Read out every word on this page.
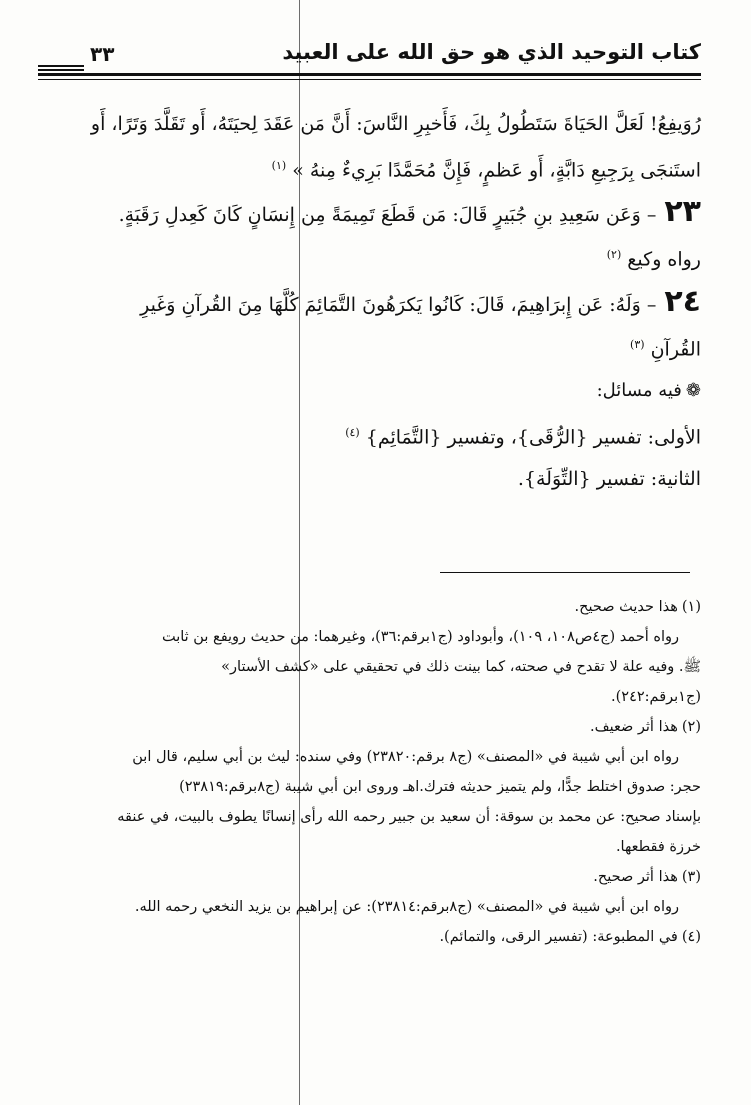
كتاب التوحيد الذي هو حق الله على العبيد
٣٣

رُوَيفِعُ! لَعَلَّ الحَيَاةَ سَتَطُولُ بِكَ، فَأَخبِرِ النَّاسَ: أَنَّ مَن عَقَدَ لِحيَتَهُ، أَو تَقَلَّدَ وَتَرًا، أَو

استَنجَى بِرَجِيعِ دَابَّةٍ، أَو عَظمٍ، فَإِنَّ مُحَمَّدًا بَرِيءٌ مِنهُ » $^{(١)}$

٢٣– وَعَن سَعِيدِ بنِ جُبَيرٍ قَالَ: مَن قَطَعَ تَمِيمَةً مِن إِنسَانٍ كَانَ كَعِدلِ رَقَبَةٍ.

رواه وكيع $^{(٢)}$

٢٤– وَلَهُ: عَن إِبرَاهِيمَ، قَالَ: كَانُوا يَكرَهُونَ التَّمَائِمَ كُلَّهَا مِنَ القُرآنِ وَغَيرِ

القُرآنِ $^{(٣)}$

❁فيه مسائل:

الأولى: تفسير {الرُّقَى}، وتفسير {التَّمَائِم} $^{(٤)}$

الثانية: تفسير {التِّوَلَة}.

(١)هذا حديث صحيح.

رواه أحمد (ج٤ص١٠٨، ١٠٩)، وأبوداود (ج١برقم:٣٦)، وغيرهما: من حديث رويفع بن ثابت

ﷺ. وفيه علة لا تقدح في صحته، كما بينت ذلك في تحقيقي على «كشف الأستار»

(ج١برقم:٢٤٢).

(٢)هذا أثر ضعيف.

رواه ابن أبي شيبة في «المصنف» (ج٨ برقم:٢٣٨٢٠) وفي سنده: ليث بن أبي سليم، قال ابن

حجر: صدوق اختلط جدًّا، ولم يتميز حديثه فترك.اهـ وروى ابن أبي شيبة (ج٨برقم:٢٣٨١٩)

بإسناد صحيح: عن محمد بن سوقة: أن سعيد بن جبير رحمه الله رأى إنسانًا يطوف بالبيت، في عنقه

خرزة فقطعها.

(٣)هذا أثر صحيح.

رواه ابن أبي شيبة في «المصنف» (ج٨برقم:٢٣٨١٤): عن إبراهيم بن يزيد النخعي رحمه الله.

(٤)في المطبوعة: (تفسير الرقى، والتمائم).
